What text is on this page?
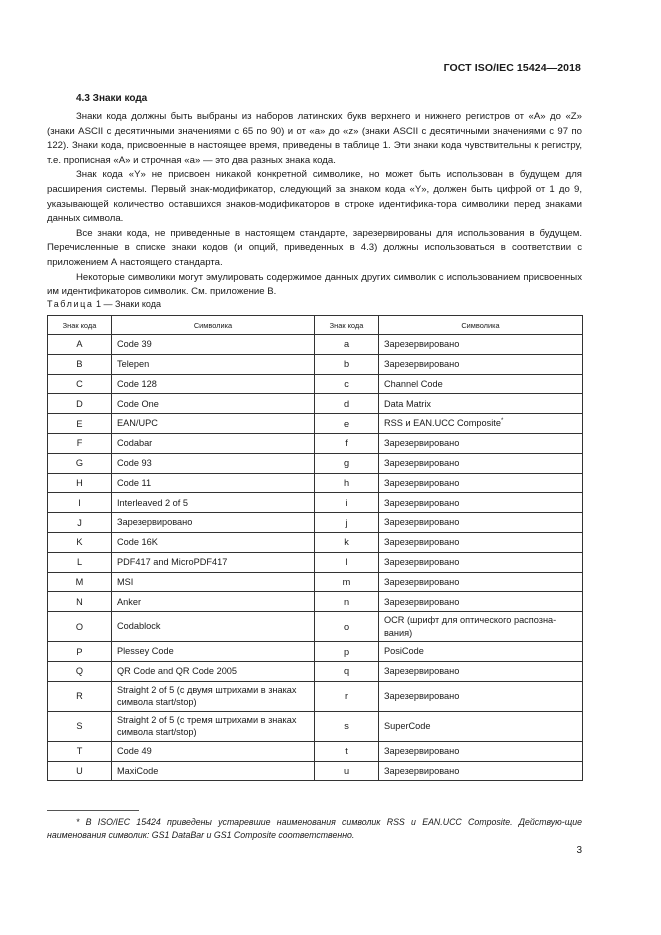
ГОСТ ISO/IEC 15424—2018
4.3 Знаки кода

Знаки кода должны быть выбраны из наборов латинских букв верхнего и нижнего регистров от «A» до «Z» (знаки ASCII с десятичными значениями с 65 по 90) и от «a» до «z» (знаки ASCII с десятичными значениями с 97 по 122). Знаки кода, присвоенные в настоящее время, приведены в таблице 1. Эти знаки кода чувствительны к регистру, т.е. прописная «A» и строчная «a» — это два разных знака кода.

Знак кода «Y» не присвоен никакой конкретной символике, но может быть использован в будущем для расширения системы. Первый знак-модификатор, следующий за знаком кода «Y», должен быть цифрой от 1 до 9, указывающей количество оставшихся знаков-модификаторов в строке идентифика-тора символики перед знаками данных символа.

Все знаки кода, не приведенные в настоящем стандарте, зарезервированы для использования в будущем. Перечисленные в списке знаки кодов (и опций, приведенных в 4.3) должны использоваться в соответствии с приложением А настоящего стандарта.

Некоторые символики могут эмулировать содержимое данных других символик с использованием присвоенных им идентификаторов символик. См. приложение В.

Таблица 1 — Знаки кода
Знак кода	Символика	Знак кода	Символика
A	Code 39	a	Зарезервировано
B	Telepen	b	Зарезервировано
C	Code 128	c	Channel Code
D	Code One	d	Data Matrix
E	EAN/UPC	e	RSS и EAN.UCC Composite*
F	Codabar	f	Зарезервировано
G	Code 93	g	Зарезервировано
H	Code 11	h	Зарезервировано
I	Interleaved 2 of 5	i	Зарезервировано
J	Зарезервировано	j	Зарезервировано
K	Code 16K	k	Зарезервировано
L	PDF417 and MicroPDF417	l	Зарезервировано
M	MSI	m	Зарезервировано
N	Anker	n	Зарезервировано
O	Codablock	o	OCR (шрифт для оптического распозна-вания)
P	Plessey Code	p	PosiCode
Q	QR Code and QR Code 2005	q	Зарезервировано
R	Straight 2 of 5 (с двумя штрихами в знаках символа start/stop)	r	Зарезервировано
S	Straight 2 of 5 (с тремя штрихами в знаках символа start/stop)	s	SuperCode
T	Code 49	t	Зарезервировано
U	MaxiCode	u	Зарезервировано

* В ISO/IEC 15424 приведены устаревшие наименования символик RSS и EAN.UCC Composite. Действую-щие наименования символик: GS1 DataBar и GS1 Composite соответственно.

3
